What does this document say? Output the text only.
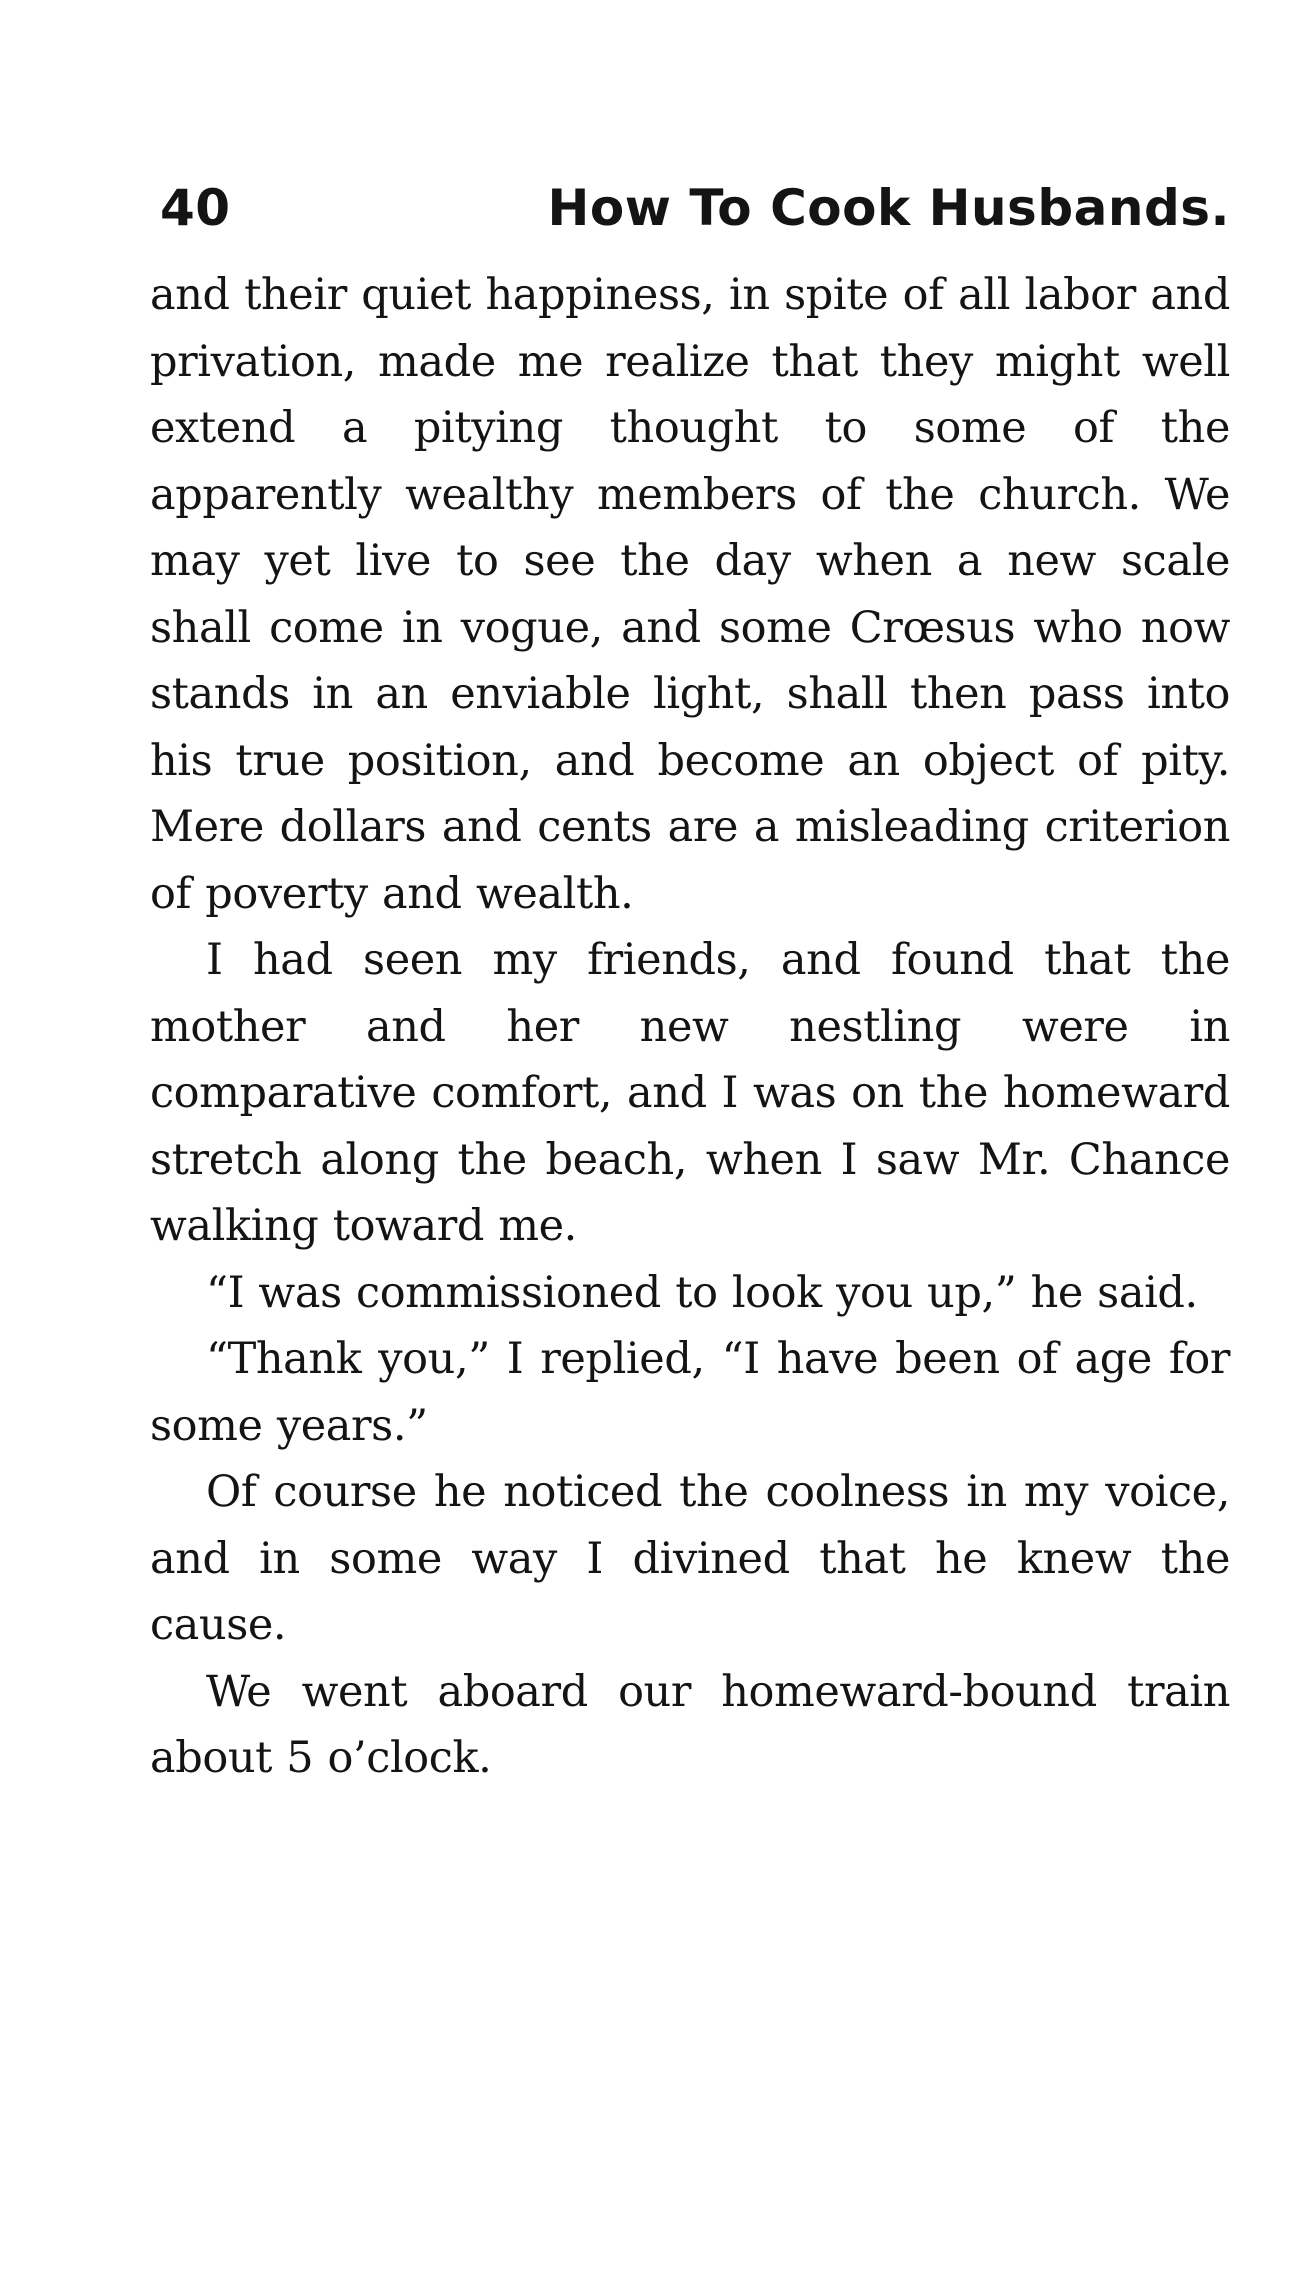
40	How To Cook Husbands.

and their quiet happiness, in spite of all labor and privation, made me realize that they might well extend a pitying thought to some of the apparently wealthy members of the church. We may yet live to see the day when a new scale shall come in vogue, and some Crœsus who now stands in an enviable light, shall then pass into his true position, and become an object of pity. Mere dollars and cents are a misleading criterion of poverty and wealth.

I had seen my friends, and found that the mother and her new nestling were in comparative comfort, and I was on the homeward stretch along the beach, when I saw Mr. Chance walking toward me.

“I was commissioned to look you up,” he said.

“Thank you,” I replied, “I have been of age for some years.”

Of course he noticed the coolness in my voice, and in some way I divined that he knew the cause.

We went aboard our homeward-bound train about 5 o’clock.
